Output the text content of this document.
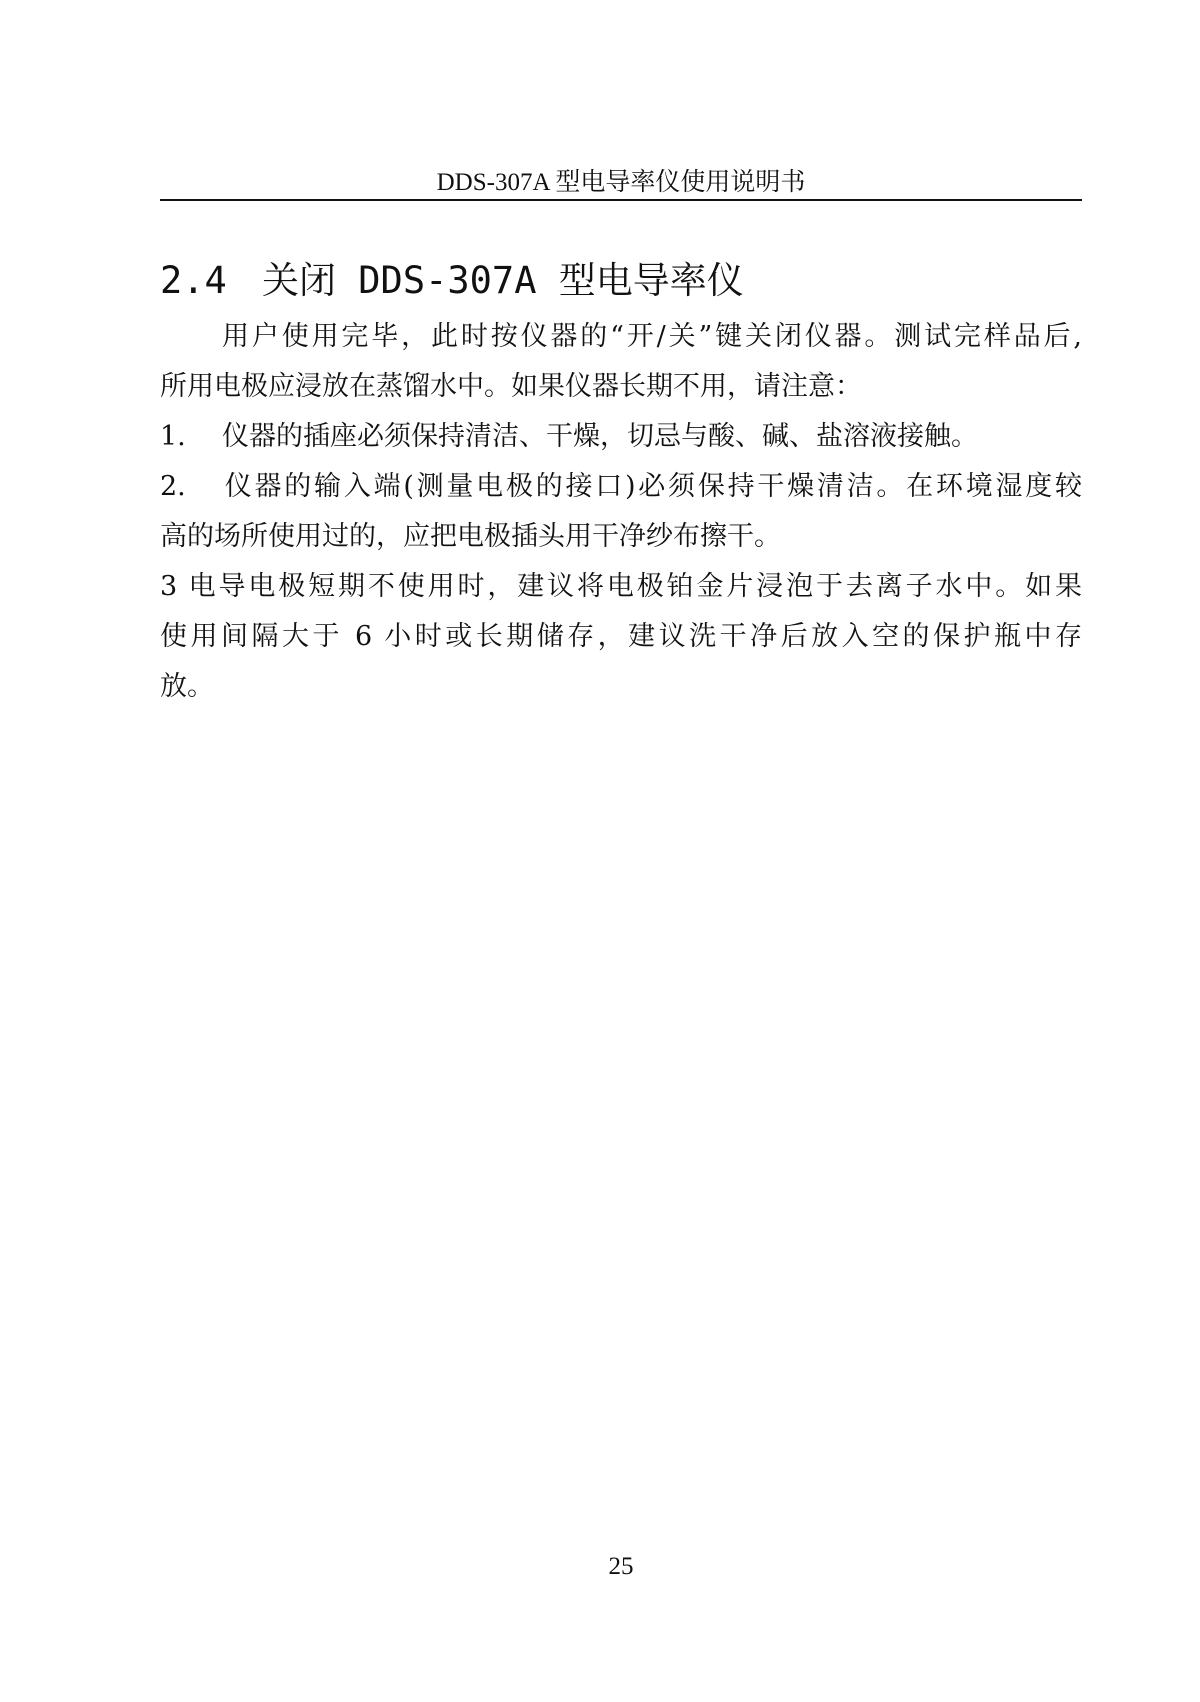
DDS-307A 型电导率仪使用说明书
2.4 关闭 DDS-307A 型电导率仪
用户使用完毕，此时按仪器的“开/关”键关闭仪器。测试完样品后,
所用电极应浸放在蒸馏水中。如果仪器长期不用，请注意：
1. 仪器的插座必须保持清洁、干燥，切忌与酸、碱、盐溶液接触。
2. 仪器的输入端(测量电极的接口)必须保持干燥清洁。在环境湿度较
高的场所使用过的，应把电极插头用干净纱布擦干。
3 电导电极短期不使用时，建议将电极铂金片浸泡于去离子水中。如果
使用间隔大于 6 小时或长期储存，建议洗干净后放入空的保护瓶中存
放。
25
